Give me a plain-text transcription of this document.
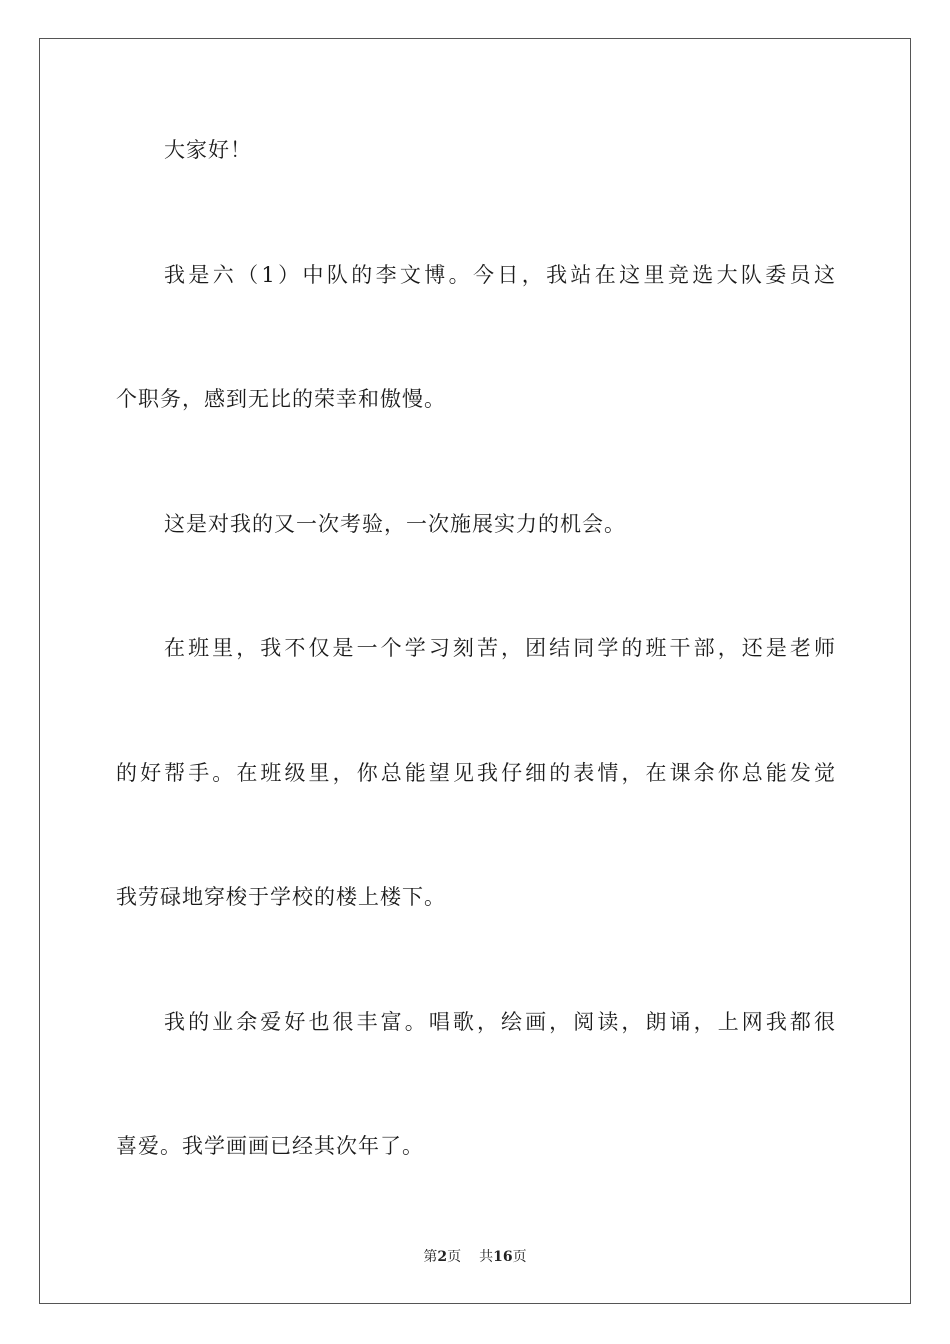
大家好！
我是六（1）中队的李文博。今日，我站在这里竞选大队委员这
个职务，感到无比的荣幸和傲慢。
这是对我的又一次考验，一次施展实力的机会。
在班里，我不仅是一个学习刻苦，团结同学的班干部，还是老师
的好帮手。在班级里，你总能望见我仔细的表情，在课余你总能发觉
我劳碌地穿梭于学校的楼上楼下。
我的业余爱好也很丰富。唱歌，绘画，阅读，朗诵，上网我都很
喜爱。我学画画已经其次年了。
第2页 共16页
